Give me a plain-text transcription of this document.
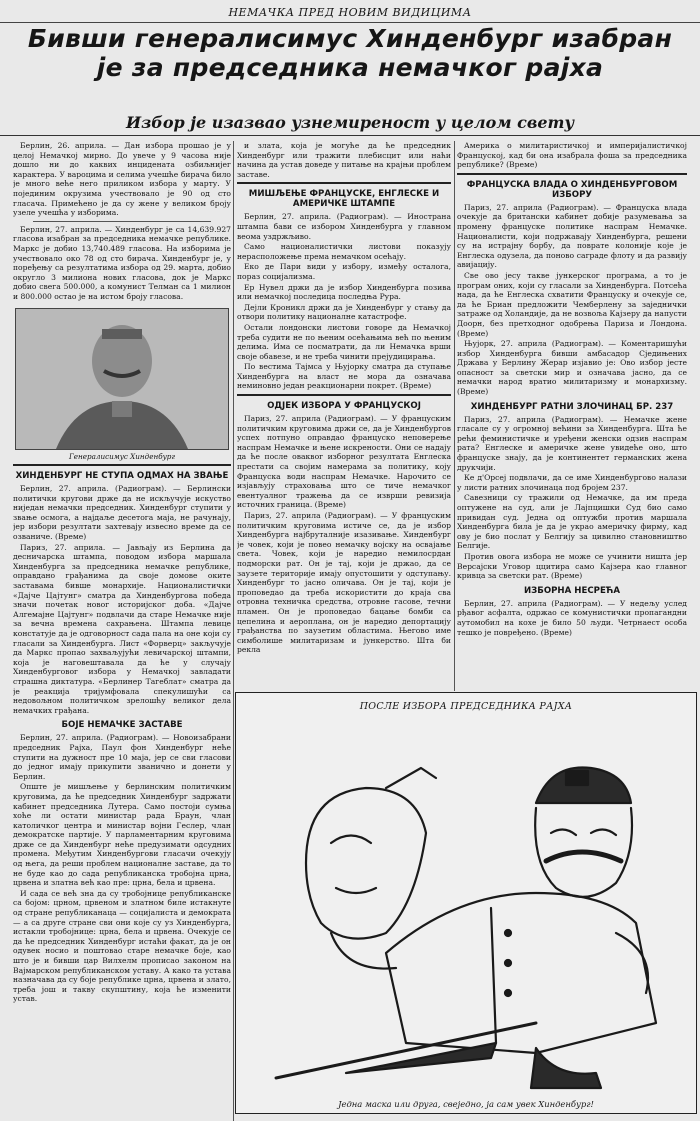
НЕМАЧКА ПРЕД НОВИМ ВИДИЦИМА
Бивши генералисимус Хинденбург изабран је за председника немачког рајха
Избор је изазвао узнемиреност у целом свету

Берлин, 26. априла. — Дан избора прошао је у целој Немачкој мирно. До увече у 9 часова није дошло ни до каквих инцидената озбиљнијег карактера. У вароцима и селима учешће бирача било је много веће него приликом избора у марту. У појединим окрузима учествовало је 90 од сто гласача. Примећено је да су жене у великом броју узеле учешћа у изборима.

Берлин, 27. априла. — Хинденбург је са 14,639.927 гласова изабран за председника немачке републике. Маркс је добио 13,740.489 гласова. На изборима је учествовало око 78 од сто бирача. Хинденбург је, у поређењу са резултатима избора од 29. марта, добио округло 3 милиона нових гласова, док је Маркс добио свега 500.000, а комунист Телман са 1 милион и 800.000 остао је на истом броју гласова.

Генералисимус Хинденбург
ХИНДЕНБУРГ НЕ СТУПА ОДМАХ НА ЗВАЊЕ

Берлин, 27. априла. (Радиограм). — Берлински политички кругови држе да не искључује искуство ниједан немачки председник. Хинденбург ступити у звање осмога, а најдаље десетога маја, не рачунају, јер избори резултати захтевају извесно време да се озваниче. (Време)

Париз, 27. априла. — Јављају из Берлина да десничарска штампа, поводом избора маршала Хинденбурга за председника немачке републике, оправдано грађанима да своје домове оките заставама бивше монархије. Националистички «Дајче Цајтунг» сматра да Хинденбургова победа значи почетак новог историјског доба. «Дајче Алгемајне Цајтунг» подвлачи да старе Немачке није за вечна времена сахрањена. Штампа левице констатује да је одговорност сада пала на оне који су гласали за Хинденбурга. Лист «Форверц» закључује да Маркс пропао захваљујући левичарској штампи, која је наговештавала да ће у случају Хинденбурговог избора у Немачкој завладати страшна диктатура. «Берлинер Тагеблат» сматра да је реакција тријумфовала спекулишући са недовољном политичком зрелошћу великог дела немачких грађана.

БОЈЕ НЕМАЧКЕ ЗАСТАВЕ

Берлин, 27. априла. (Радиограм). — Новоизабрани председник Рајха, Паул фон Хинденбург неће ступити на дужност пре 10 маја, јер се сви гласови до једног имају прикупити званично и донети у Берлин.

Опште је мишљење у берлинским политичким круговима, да ће председник Хинденбург задржати кабинет председника Лутера. Само постоји сумња хоће ли остати министар рада Браун, члан католичког центра и министар војни Геслер, члан демократске партије. У парламентарним круговима држе се да Хинденбург неће предузимати одсудних промена. Међутим Хинденбургови гласачи очекују од њега, да реши проблем националне заставе, да то не буде као до сада републиканска тробојна црна, црвена и златна већ као пре: црна, бела и црвена.

И сада се већ зна да су тробојнице републиканске са бојом: црном, црвеном и златном биле истакнуте од стране републиканаца — социјалиста и демократа — а са друге стране сви они које су уз Хинденбурга, истакли тробојнице: црна, бела и црвена. Очекује се да ће председник Хинденбург истаћи факат, да је он одувек носио и поштовао старе немачке боје, као што је и бивши цар Вилхелм прописао законом на Вајмарском републиканском уставу. А како та устава назначава да су боје републике црна, црвена и злато, треба још и такву скупштину, која ће изменити устав.

и злата, која је могуће да ће председник Хинденбург или тражити плебисцит или наћи начина да устав доведе у питање на крајњи проблем заставе.

МИШЉЕЊЕ ФРАНЦУСКЕ, ЕНГЛЕСКЕ И АМЕРИЧКЕ ШТАМПЕ

Берлин, 27. априла. (Радиограм). — Иностранa штампа бави се избором Хинденбурга у главном веома уздржљиво.

Само националистички листови показују нерасположење према немачком осећају.

Еко де Пари види у избору, између осталога, пораз социјализма.

Ер Нувел држи да је избор Хинденбурга позива или немачкој последица последња Рура.

Дејли Кроникл држи да је Хинденбург у стању да отвори политику националне катастрофе.

Остали лондонски листови говоре да Немачкој треба судити не по њеним осећањима већ по њеним делима. Има се посматрати, да ли Немачка врши своје обавезе, и не треба чинити прејудицирања.

По вестима Тајмса у Њујорку сматра да ступање Хинденбурга на власт не мора да означава неминовно један реакционарни покрет. (Време)

ОДЈЕК ИЗБОРА У ФРАНЦУСКОЈ

Париз, 27. априла (Радиограм). — У француским политичким круговима држи се, да је Хинденбургов успех потпуно оправдао француско неповерење наспрам Немачке и њене искрености. Они се надају да ће после оваквог изборног резултата Енглеска престати са својим намерама за политику, коју Француска води наспрам Немачке. Нарочито се изјављују страховања што се тиче немачког евентуалног тражења да се изврши ревизија источних граница. (Време)

Париз, 27. априла (Радиограм). — У француским политичким круговима истиче се, да је избор Хинденбурга најбруталније изазивање. Хинденбург је човек, који је повео немачку војску на освајање света. Човек, који је наредио немилосрдан подморски рат. Он је тај, који је држао, да се заузете територије имају опустошити у одступању. Хинденбург то јасно оличава. Он је тај, који је проповедао да треба искористити до краја сва отровна техничка средства, отровне гасове, течни пламен. Он је проповедао бацање бомби са цепелина и аероплана, он је наредио депортацију грађанства по заузетим областима. Његово име симболише милитаризам и јункерство. Шта би рекла

Америка о милитаристичкој и империјалистичкој Француској, кад би она изабрала фоша за председника републике? (Време)

ФРАНЦУСКА ВЛАДА О ХИНДЕНБУРГОВОМ ИЗБОРУ

Париз, 27. априла (Радиограм). — Француска влада очекује да британски кабинет добије разумевања за промену француске политике наспрам Немачке. Националисти, који подржавају Хинденбурга, решени су на истрајну борбу, да поврате колоније које је Енглеска одузела, да поново саграде флоту и да развију авијацију.

Све ово јесу такве јункерског програма, а то је програм оних, који су гласали за Хинденбурга. Потсећа нада, да ће Енглеска схватити Француску и очекује се, да ће Бриан предложити Чемберлену за заједнички затраже од Холандије, да не возвоља Кајзеру да напусти Доорн, без претходног одобрења Париза и Лондона. (Време)

Њујорк, 27. априла (Радиограм). — Коментаришући избор Хинденбурга бивши амбасадор Сједињених Држава у Берлину Жерар изјавио је: Ово избор јесте опасност за светски мир и означава јасно, да се немачки народ вратио милитаризму и монархизму. (Време)

ХИНДЕНБУРГ РАТНИ ЗЛОЧИНАЦ БР. 237

Париз, 27. априла (Радиограм). — Немачке жене гласале су у огромној већини за Хинденбурга. Шта ће рећи феминистичке и уређени женски одзив наспрам рата? Енглеске и америчке жене увидеће оно, што француске знају, да је континентет германских жена друкчији.

Ке д'Орсеј подвлачи, да се име Хинденбургово налази у листи ратних злочинаца под бројем 237.

Савезници су тражили од Немачке, да им преда оптужене на суд, али је Лајпцишки Суд био само привидан суд. Једна од оптужби против маршала Хинденбурга била је да је украо америчку фирму, кад ову је био послат у Белгију за цивилно становништво Белгије.

Против овога избора не може се учинити ништа јер Версајски Уговор ццитира само Кајзера као главног кривца за светски рат. (Време)

ИЗБОРНА НЕСРЕЋА

Берлин, 27. априла (Радиограм). — У недељу услед рђавог асфалта, одржао се комунистички пропагандни аутомобил на кохе је било 50 људи. Четрнаест особа тешко је повређено. (Време)

ПОСЛЕ ИЗБОРА ПРЕДСЕДНИКА РАЈХА
Једна маска или друга, свеједно, ја сам увек Хинденбург!
